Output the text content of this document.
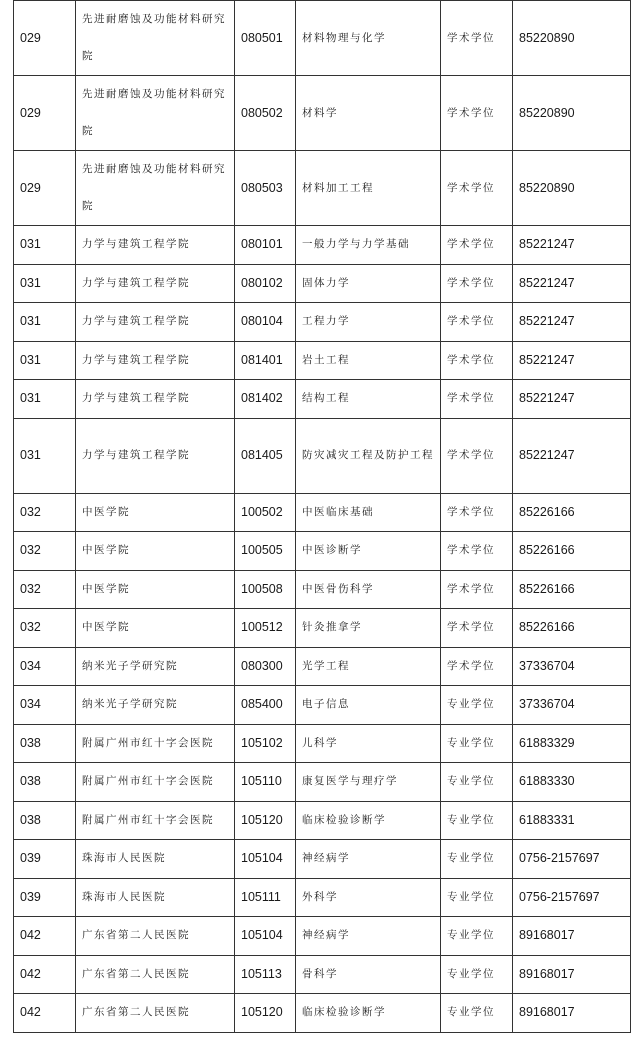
029	先进耐磨蚀及功能材料研究院	080501	材料物理与化学	学术学位	85220890
029	先进耐磨蚀及功能材料研究院	080502	材料学	学术学位	85220890
029	先进耐磨蚀及功能材料研究院	080503	材料加工工程	学术学位	85220890
031	力学与建筑工程学院	080101	一般力学与力学基础	学术学位	85221247
031	力学与建筑工程学院	080102	固体力学	学术学位	85221247
031	力学与建筑工程学院	080104	工程力学	学术学位	85221247
031	力学与建筑工程学院	081401	岩土工程	学术学位	85221247
031	力学与建筑工程学院	081402	结构工程	学术学位	85221247
031	力学与建筑工程学院	081405	防灾减灾工程及防护工程	学术学位	85221247
032	中医学院	100502	中医临床基础	学术学位	85226166
032	中医学院	100505	中医诊断学	学术学位	85226166
032	中医学院	100508	中医骨伤科学	学术学位	85226166
032	中医学院	100512	针灸推拿学	学术学位	85226166
034	纳米光子学研究院	080300	光学工程	学术学位	37336704
034	纳米光子学研究院	085400	电子信息	专业学位	37336704
038	附属广州市红十字会医院	105102	儿科学	专业学位	61883329
038	附属广州市红十字会医院	105110	康复医学与理疗学	专业学位	61883330
038	附属广州市红十字会医院	105120	临床检验诊断学	专业学位	61883331
039	珠海市人民医院	105104	神经病学	专业学位	0756-2157697
039	珠海市人民医院	105111	外科学	专业学位	0756-2157697
042	广东省第二人民医院	105104	神经病学	专业学位	89168017
042	广东省第二人民医院	105113	骨科学	专业学位	89168017
042	广东省第二人民医院	105120	临床检验诊断学	专业学位	89168017
